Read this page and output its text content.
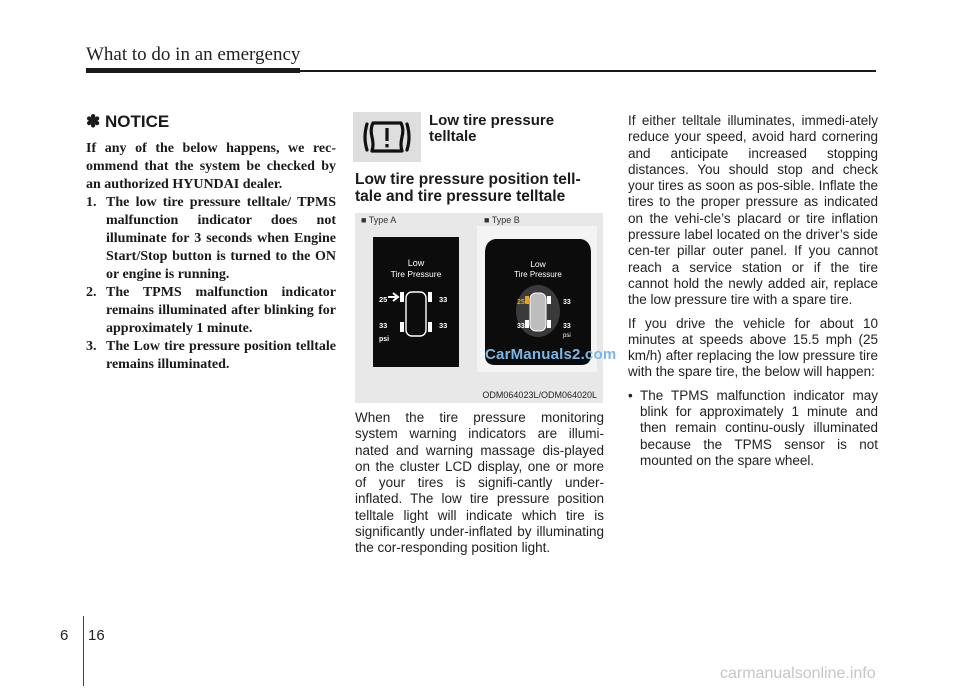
What to do in an emergency
✽ NOTICE

If any of the below happens, we rec-ommend that the system be checked by an authorized HYUNDAI dealer.

1. The low tire pressure telltale/ TPMS malfunction indicator does not illuminate for 3 seconds when Engine Start/Stop button is turned to the ON or engine is running.
2. The TPMS malfunction indicator remains illuminated after blinking for approximately 1 minute.
3. The Low tire pressure position telltale remains illuminated.
Low tire pressure telltale
Low tire pressure position tell-tale and tire pressure telltale
■ Type A	■ Type B
Low
Tire Pressure
25	33
33	33
psi
Low
Tire Pressure
25	33
33	33
psi
CarManuals2.com
ODM064023L/ODM064020L

When the tire pressure monitoring system warning indicators are illumi-nated and warning massage dis-played on the cluster LCD display, one or more of your tires is signifi-cantly under-inflated. The low tire pressure position telltale light will indicate which tire is significantly under-inflated by illuminating the cor-responding position light.

If either telltale illuminates, immedi-ately reduce your speed, avoid hard cornering and anticipate increased stopping distances. You should stop and check your tires as soon as pos-sible. Inflate the tires to the proper pressure as indicated on the vehi-cle’s placard or tire inflation pressure label located on the driver’s side cen-ter pillar outer panel. If you cannot reach a service station or if the tire cannot hold the newly added air, replace the low pressure tire with a spare tire.

If you drive the vehicle for about 10 minutes at speeds above 15.5 mph (25 km/h) after replacing the low pressure tire with the spare tire, the below will happen:

• The TPMS malfunction indicator may blink for approximately 1 minute and then remain continu-ously illuminated because the TPMS sensor is not mounted on the spare wheel.
6 16
carmanualsonline.info
